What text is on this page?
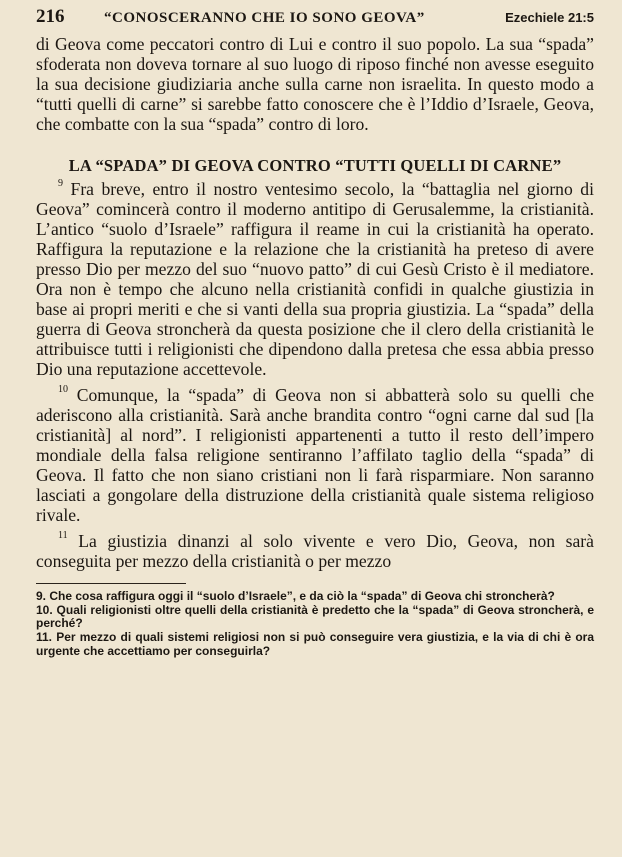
216	“CONOSCERANNO CHE IO SONO GEOVA”	Ezechiele 21:5

di Geova come peccatori contro di Lui e contro il suo popolo. La sua “spada” sfoderata non doveva tornare al suo luogo di riposo finché non avesse eseguito la sua decisione giudiziaria anche sulla carne non israelita. In questo modo a “tutti quelli di carne” si sarebbe fatto conoscere che è l’Iddio d’Israele, Geova, che combatte con la sua “spada” contro di loro.

LA “SPADA” DI GEOVA CONTRO “TUTTI QUELLI DI CARNE”

$^9$ Fra breve, entro il nostro ventesimo secolo, la “battaglia nel giorno di Geova” comincerà contro il moderno antitipo di Gerusalemme, la cristianità. L’antico “suolo d’Israele” raffigura il reame in cui la cristianità ha operato. Raffigura la reputazione e la relazione che la cristianità ha preteso di avere presso Dio per mezzo del suo “nuovo patto” di cui Gesù Cristo è il mediatore. Ora non è tempo che alcuno nella cristianità confidi in qualche giustizia in base ai propri meriti e che si vanti della sua propria giustizia. La “spada” della guerra di Geova stroncherà da questa posizione che il clero della cristianità le attribuisce tutti i religionisti che dipendono dalla pretesa che essa abbia presso Dio una reputazione accettevole.

$^{10}$ Comunque, la “spada” di Geova non si abbatterà solo su quelli che aderiscono alla cristianità. Sarà anche brandita contro “ogni carne dal sud [la cristianità] al nord”. I religionisti appartenenti a tutto il resto dell’impero mondiale della falsa religione sentiranno l’affilato taglio della “spada” di Geova. Il fatto che non siano cristiani non li farà risparmiare. Non saranno lasciati a gongolare della distruzione della cristianità quale sistema religioso rivale.

$^{11}$ La giustizia dinanzi al solo vivente e vero Dio, Geova, non sarà conseguita per mezzo della cristianità o per mezzo

9. Che cosa raffigura oggi il “suolo d’Israele”, e da ciò la “spada” di Geova chi stroncherà?

10. Quali religionisti oltre quelli della cristianità è predetto che la “spada” di Geova stroncherà, e perché?

11. Per mezzo di quali sistemi religiosi non si può conseguire vera giustizia, e la via di chi è ora urgente che accettiamo per conseguirla?
